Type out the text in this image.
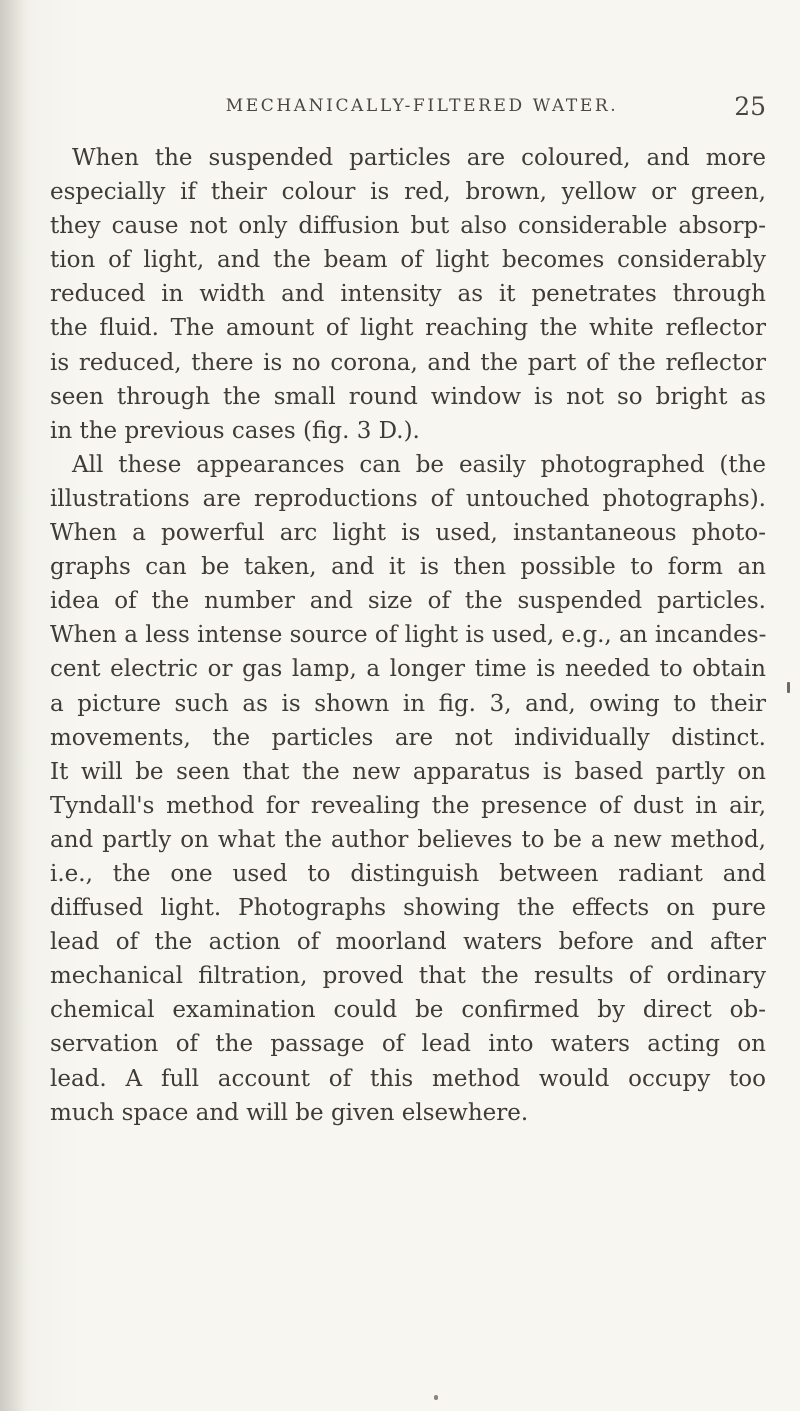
MECHANICALLY-FILTERED WATER.	25

When the suspended particles are coloured, and more
especially if their colour is red, brown, yellow or green,
they cause not only diffusion but also considerable absorp-
tion of light, and the beam of light becomes considerably
reduced in width and intensity as it penetrates through
the fluid. The amount of light reaching the white reflector
is reduced, there is no corona, and the part of the reflector
seen through the small round window is not so bright as
in the previous cases (fig. 3 D.).

All these appearances can be easily photographed (the
illustrations are reproductions of untouched photographs).
When a powerful arc light is used, instantaneous photo-
graphs can be taken, and it is then possible to form an
idea of the number and size of the suspended particles.
When a less intense source of light is used, e.g., an incandes-
cent electric or gas lamp, a longer time is needed to obtain
a picture such as is shown in fig. 3, and, owing to their
movements, the particles are not individually distinct.
It will be seen that the new apparatus is based partly on
Tyndall's method for revealing the presence of dust in air,
and partly on what the author believes to be a new method,
i.e., the one used to distinguish between radiant and
diffused light. Photographs showing the effects on pure
lead of the action of moorland waters before and after
mechanical filtration, proved that the results of ordinary
chemical examination could be confirmed by direct ob-
servation of the passage of lead into waters acting on
lead. A full account of this method would occupy too
much space and will be given elsewhere.
